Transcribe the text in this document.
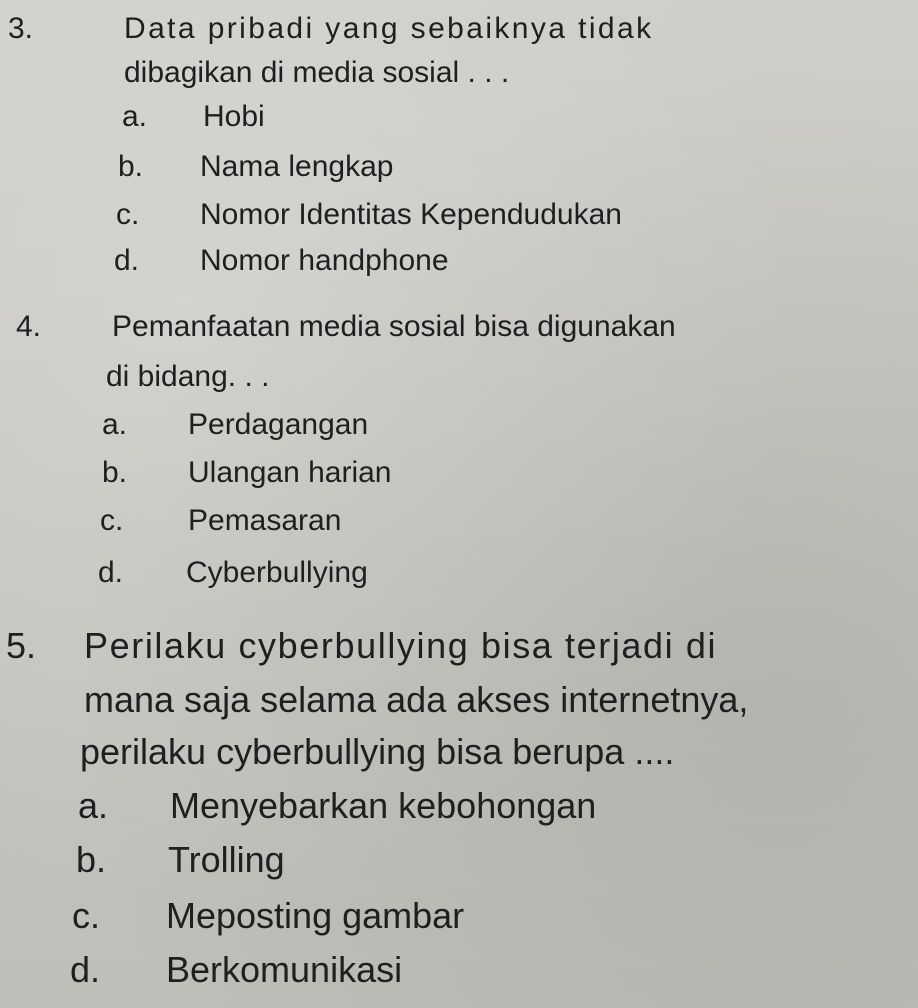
3.	Data pribadi yang sebaiknya tidak
dibagikan di media sosial . . .
a. Hobi
b. Nama lengkap
c. Nomor Identitas Kependudukan
d. Nomor handphone
4. Pemanfaatan media sosial bisa digunakan
di bidang. . .
a. Perdagangan
b. Ulangan harian
c. Pemasaran
d. Cyberbullying
5. Perilaku cyberbullying bisa terjadi di
mana saja selama ada akses internetnya,
perilaku cyberbullying bisa berupa ....
a. Menyebarkan kebohongan
b. Trolling
c. Meposting gambar
d. Berkomunikasi
